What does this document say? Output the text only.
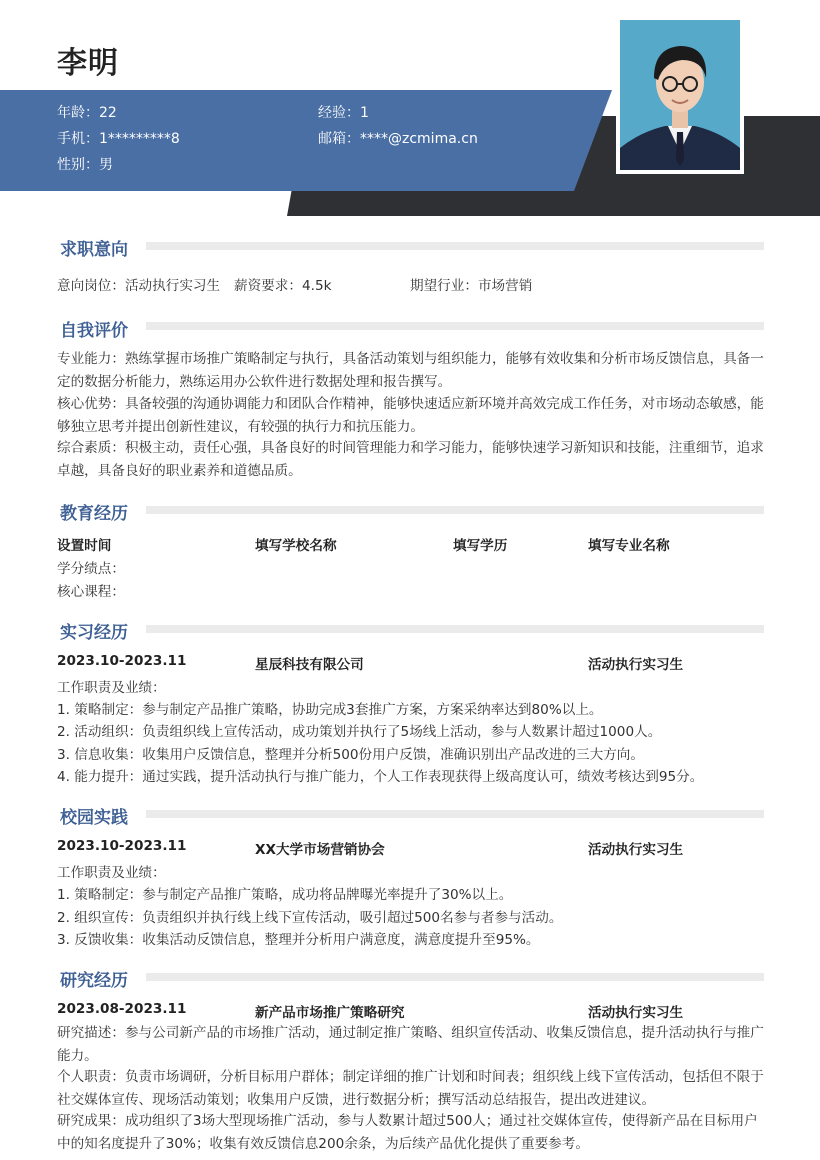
李明
年龄：22	经验：1
手机：1*********8	邮箱：****@zcmima.cn
性别：男
求职意向
意向岗位：活动执行实习生 薪资要求：4.5k	期望行业：市场营销
自我评价
专业能力：熟练掌握市场推广策略制定与执行，具备活动策划与组织能力，能够有效收集和分析市场反馈信息，具备一定的数据分析能力，熟练运用办公软件进行数据处理和报告撰写。
核心优势：具备较强的沟通协调能力和团队合作精神，能够快速适应新环境并高效完成工作任务，对市场动态敏感，能够独立思考并提出创新性建议，有较强的执行力和抗压能力。
综合素质：积极主动，责任心强，具备良好的时间管理能力和学习能力，能够快速学习新知识和技能，注重细节，追求卓越，具备良好的职业素养和道德品质。
教育经历
设置时间	填写学校名称	填写学历	填写专业名称
学分绩点：
核心课程：
实习经历
2023.10-2023.11	星辰科技有限公司	活动执行实习生
工作职责及业绩：
1. 策略制定：参与制定产品推广策略，协助完成3套推广方案，方案采纳率达到80%以上。
2. 活动组织：负责组织线上宣传活动，成功策划并执行了5场线上活动，参与人数累计超过1000人。
3. 信息收集：收集用户反馈信息，整理并分析500份用户反馈，准确识别出产品改进的三大方向。
4. 能力提升：通过实践，提升活动执行与推广能力，个人工作表现获得上级高度认可，绩效考核达到95分。
校园实践
2023.10-2023.11	XX大学市场营销协会	活动执行实习生
工作职责及业绩：
1. 策略制定：参与制定产品推广策略，成功将品牌曝光率提升了30%以上。
2. 组织宣传：负责组织并执行线上线下宣传活动，吸引超过500名参与者参与活动。
3. 反馈收集：收集活动反馈信息，整理并分析用户满意度，满意度提升至95%。
研究经历
2023.08-2023.11	新产品市场推广策略研究	活动执行实习生
研究描述：参与公司新产品的市场推广活动，通过制定推广策略、组织宣传活动、收集反馈信息，提升活动执行与推广能力。
个人职责：负责市场调研，分析目标用户群体；制定详细的推广计划和时间表；组织线上线下宣传活动，包括但不限于社交媒体宣传、现场活动策划；收集用户反馈，进行数据分析；撰写活动总结报告，提出改进建议。
研究成果：成功组织了3场大型现场推广活动，参与人数累计超过500人；通过社交媒体宣传，使得新产品在目标用户中的知名度提升了30%；收集有效反馈信息200余条，为后续产品优化提供了重要参考。
